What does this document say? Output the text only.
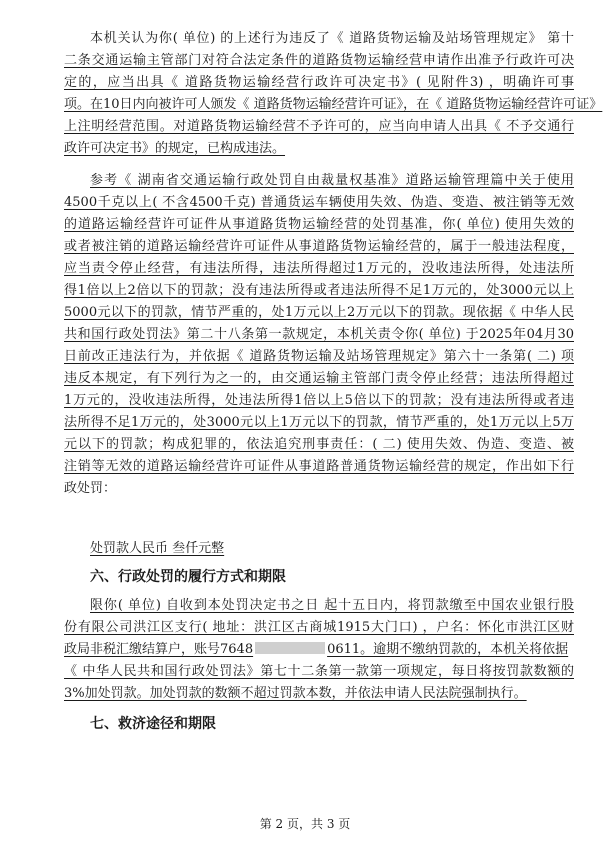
本机关认为你( 单位) 的上述行为违反了《 道路货物运输及站场管理规定》 第十
二条交通运输主管部门对符合法定条件的道路货物运输经营申请作出准予行政许可决
定的，应当出具《 道路货物运输经营行政许可决定书》( 见附件3) ，明确许可事
项。在10日内向被许可人颁发《 道路货物运输经营许可证》，在《 道路货物运输经营许可证》
上注明经营范围。对道路货物运输经营不予许可的，应当向申请人出具《 不予交通行
政许可决定书》的规定，已构成违法。
参考《 湖南省交通运输行政处罚自由裁量权基准》道路运输管理篇中关于使用
4500千克以上( 不含4500千克) 普通货运车辆使用失效、伪造、变造、被注销等无效
的道路运输经营许可证件从事道路货物运输经营的处罚基准，你( 单位) 使用失效的
或者被注销的道路运输经营许可证件从事道路货物运输经营的，属于一般违法程度，
应当责令停止经营，有违法所得，违法所得超过1万元的，没收违法所得，处违法所
得1倍以上2倍以下的罚款；没有违法所得或者违法所得不足1万元的，处3000元以上
5000元以下的罚款，情节严重的，处1万元以上2万元以下的罚款。现依据《 中华人民
共和国行政处罚法》第二十八条第一款规定，本机关责令你( 单位) 于2025年04月30
日前改正违法行为，并依据《 道路货物运输及站场管理规定》第六十一条第( 二) 项
违反本规定，有下列行为之一的，由交通运输主管部门责令停止经营；违法所得超过
1万元的，没收违法所得，处违法所得1倍以上5倍以下的罚款；没有违法所得或者违
法所得不足1万元的，处3000元以上1万元以下的罚款，情节严重的，处1万元以上5万
元以下的罚款；构成犯罪的，依法追究刑事责任：( 二) 使用失效、伪造、变造、被
注销等无效的道路运输经营许可证件从事道路普通货物运输经营的规定，作出如下行
政处罚：
处罚款人民币 叁仟元整
六、行政处罚的履行方式和期限
限你( 单位) 自收到本处罚决定书之日 起十五日内，将罚款缴至中国农业银行股
份有限公司洪江区支行( 地址：洪江区古商城1915大门口) ，户名：怀化市洪江区财
政局非税汇缴结算户，账号7648	0611。逾期不缴纳罚款的，本机关将依据
《 中华人民共和国行政处罚法》第七十二条第一款第一项规定，每日将按罚款数额的
3%加处罚款。加处罚款的数额不超过罚款本数，并依法申请人民法院强制执行。
七、救济途径和期限
第 2 页，共 3 页
